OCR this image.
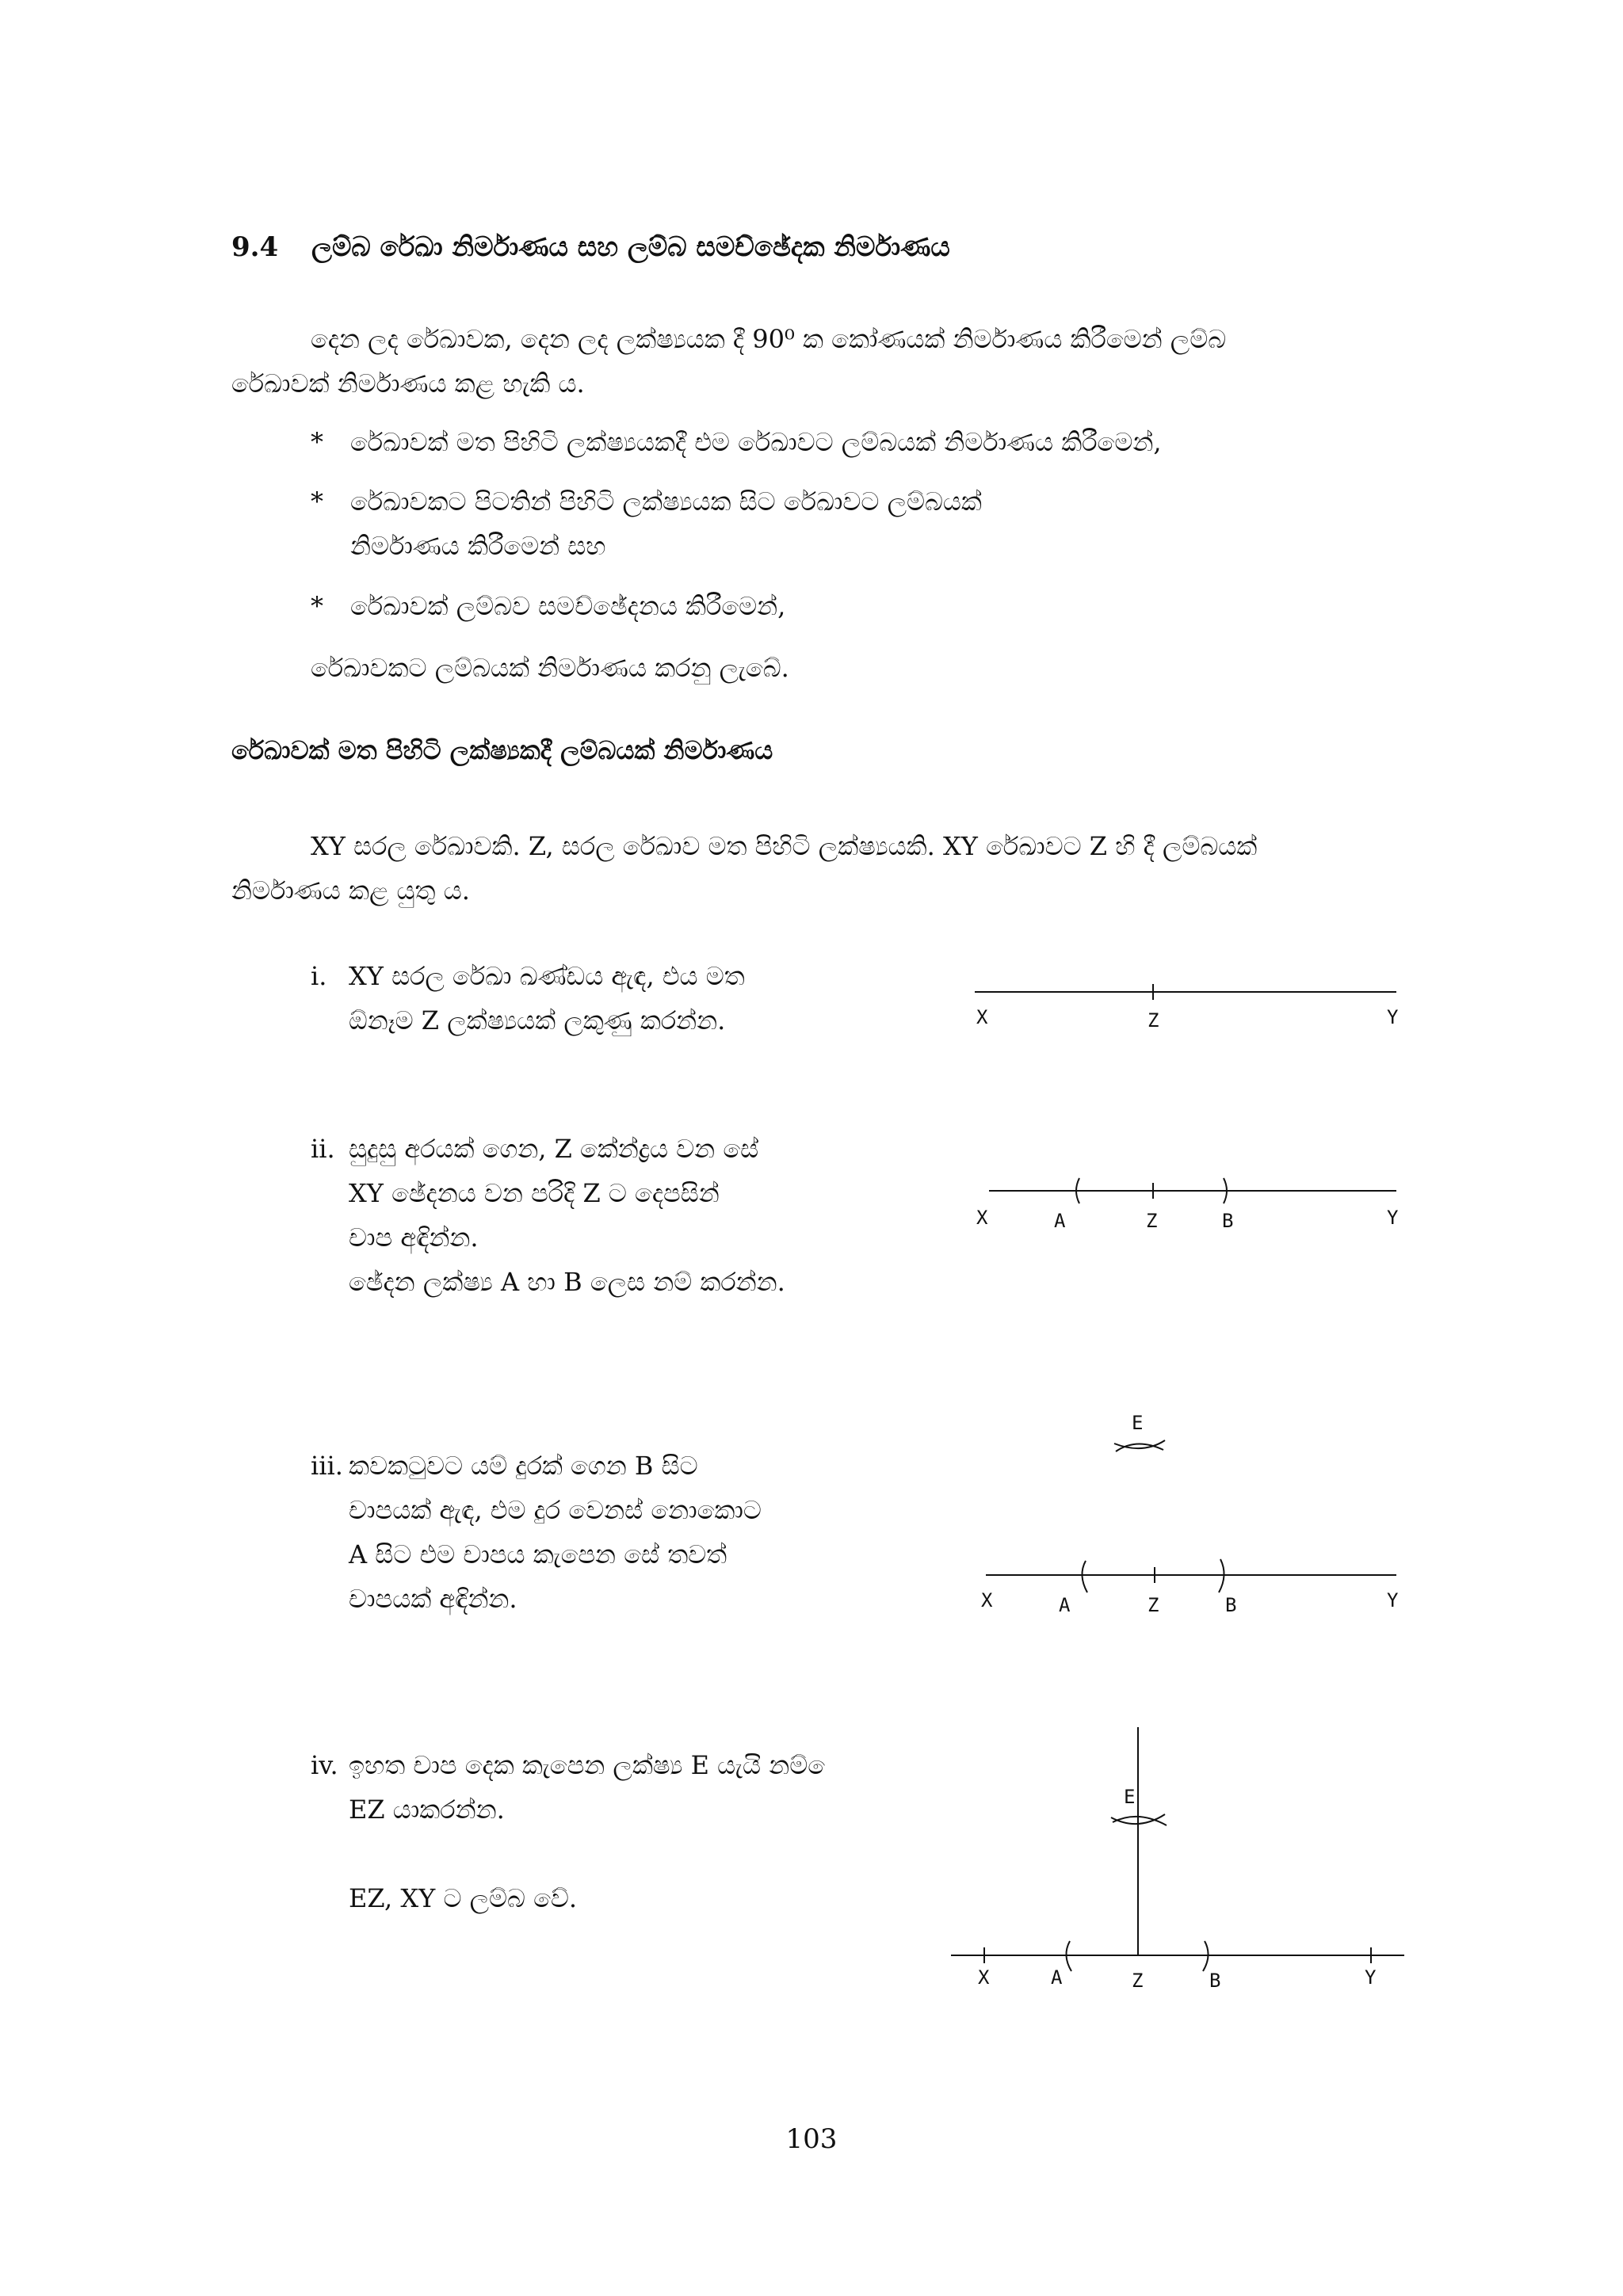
9.4 ලම්බ රේඛා නිර්මාණය සහ ලම්බ සමච්ඡේදක නිර්මාණය
දෙන ලද රේඛාවක, දෙන ලද ලක්ෂ්‍යයක දී 90⁰ ක කෝණයක් නිර්මාණය කිරීමෙන් ලම්බ
රේඛාවක් නිර්මාණය කළ හැකි ය.
* රේඛාවක් මත පිහිටි ලක්ෂ්‍යයකදී එම රේඛාවට ලම්බයක් නිර්මාණය කිරීමෙන්,
* රේඛාවකට පිටතින් පිහිටි ලක්ෂ්‍යයක සිට රේඛාවට ලම්බයක්
නිර්මාණය කිරීමෙන් සහ
* රේඛාවක් ලම්බව සමච්ඡේදනය කිරීමෙන්,
රේඛාවකට ලම්බයක් නිර්මාණය කරනු ලැබේ.
රේඛාවක් මත පිහිටි ලක්ෂ්‍යකදී ලම්බයක් නිර්මාණය
XY සරල රේඛාවකි. Z, සරල රේඛාව මත පිහිටි ලක්ෂ්‍යයකි. XY රේඛාවට Z හි දී ලම්බයක්
නිර්මාණය කළ යුතු ය.
i. XY සරල රේඛා ඛණ්ඩය ඇඳ, එය මත
ඕනෑම Z ලක්ෂ්‍යයක් ලකුණු කරන්න.
ii. සුදුසු අරයක් ගෙන, Z කේන්ද්‍රය වන සේ
XY ඡේදනය වන පරිදි Z ට දෙපසින්
චාප අඳින්න.
ඡේදන ලක්ෂ්‍ය A හා B ලෙස නම් කරන්න.
iii. කවකටුවට යම් දුරක් ගෙන B සිට
චාපයක් ඇඳ, එම දුර වෙනස් නොකොට
A සිට එම චාපය කැපෙන සේ තවත්
චාපයක් අඳින්න.
iv. ඉහත චාප දෙක කැපෙන ලක්ෂ්‍ය E යැයි නම් ෙ
EZ යාකරන්න.
EZ, XY ට ලම්බ වේ.
X	Z	Y
X	A	Z	B	Y
E
X	A	Z	B	Y
E
X	A	Z	B	Y
103
